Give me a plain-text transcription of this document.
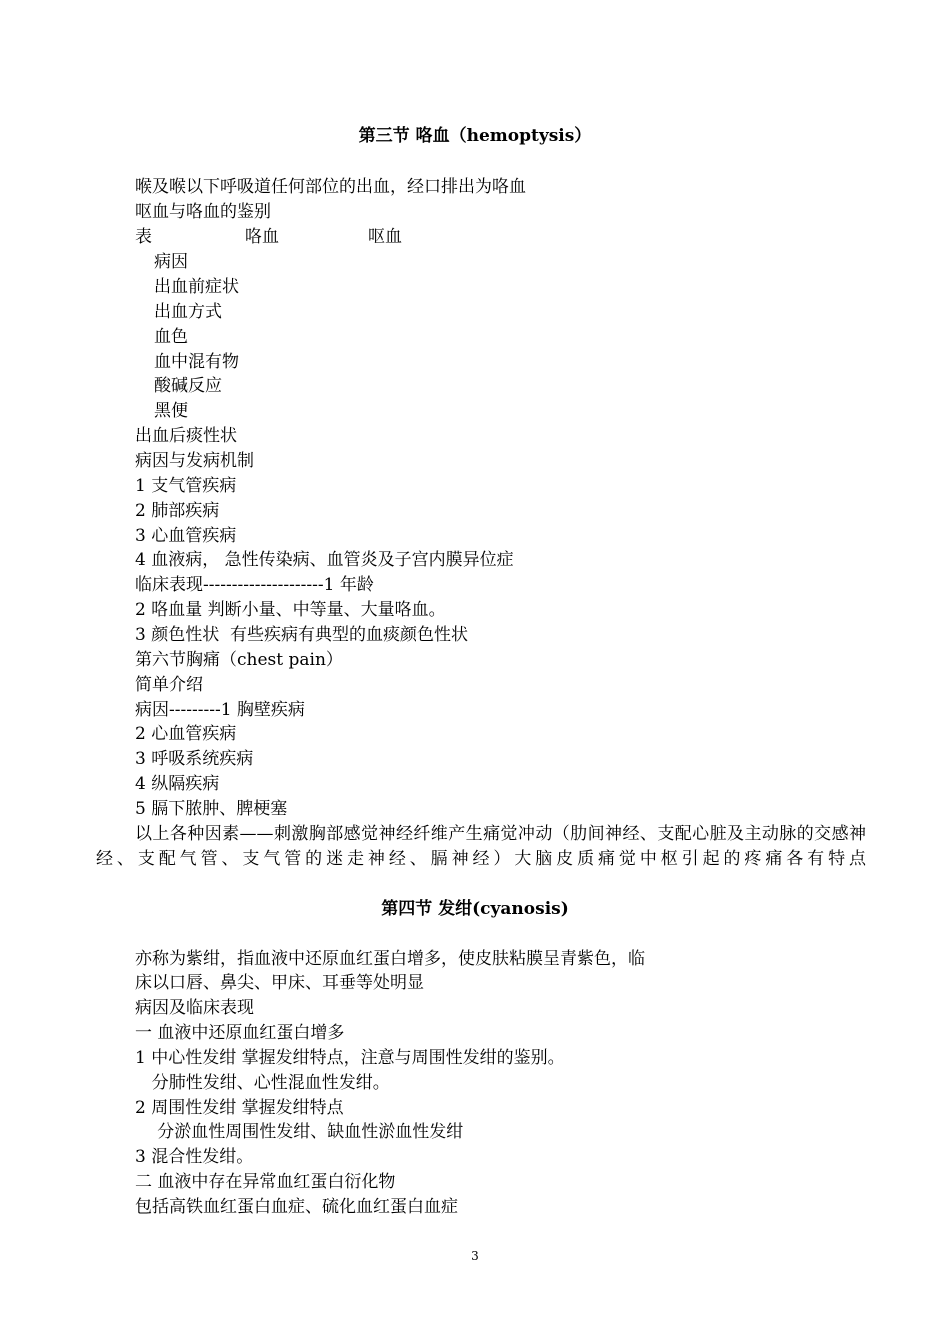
第三节 咯血（hemoptysis）
喉及喉以下呼吸道任何部位的出血，经口排出为咯血
呕血与咯血的鉴别
表	咯血	呕血
病因
出血前症状
出血方式
血色
血中混有物
酸碱反应
黑便
出血后痰性状
病因与发病机制
1 支气管疾病
2 肺部疾病
3 心血管疾病
4 血液病， 急性传染病、血管炎及子宫内膜异位症
临床表现---------------------1 年龄
2 咯血量 判断小量、中等量、大量咯血。
3 颜色性状  有些疾病有典型的血痰颜色性状
第六节胸痛（chest pain）
简单介绍
病因---------1 胸壁疾病
2 心血管疾病
3 呼吸系统疾病
4 纵隔疾病
5 膈下脓肿、脾梗塞
以上各种因素——刺激胸部感觉神经纤维产生痛觉冲动（肋间神经、支配心脏及主动脉的交感神经、支配气管、支气管的迷走神经、膈神经）大脑皮质痛觉中枢引起的疼痛各有特点
第四节 发绀(cyanosis)
亦称为紫绀，指血液中还原血红蛋白增多，使皮肤粘膜呈青紫色，临
床以口唇、鼻尖、甲床、耳垂等处明显
病因及临床表现
一 血液中还原血红蛋白增多
1 中心性发绀 掌握发绀特点，注意与周围性发绀的鉴别。
分肺性发绀、心性混血性发绀。
2 周围性发绀 掌握发绀特点
分淤血性周围性发绀、缺血性淤血性发绀
3 混合性发绀。
二 血液中存在异常血红蛋白衍化物
包括高铁血红蛋白血症、硫化血红蛋白血症
3
